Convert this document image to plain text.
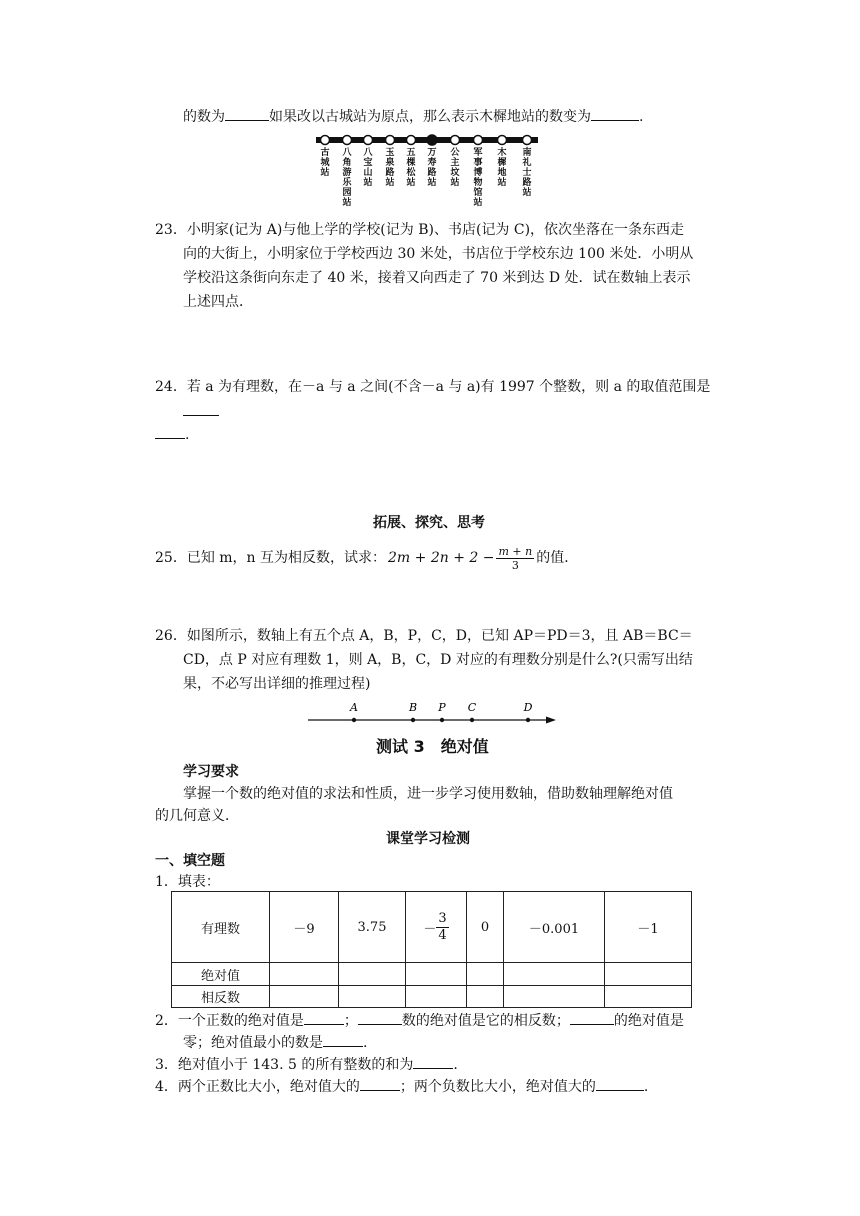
的数为	如果改以古城站为原点，那么表示木樨地站的数变为	.
古城站
八角游乐园站
八宝山站
玉泉路站
五棵松站
万寿路站
公主坟站
军事博物馆站
木樨地站
南礼士路站
23．小明家(记为 A)与他上学的学校(记为 B)、书店(记为 C)，依次坐落在一条东西走
向的大街上，小明家位于学校西边 30 米处，书店位于学校东边 100 米处．小明从
学校沿这条街向东走了 40 米，接着又向西走了 70 米到达 D 处．试在数轴上表示
上述四点．
24．若 a 为有理数，在－a 与 a 之间(不含－a 与 a)有 1997 个整数，则 a 的取值范围是
.
拓展、探究、思考
25．已知 m，n 互为相反数，试求： $2m + 2n + 2 - \frac{m + n}{3}$ 的值．
26．如图所示，数轴上有五个点 A，B，P，C，D，已知 AP＝PD＝3，且 AB＝BC＝
CD，点 P 对应有理数 1，则 A，B，C，D 对应的有理数分别是什么?(只需写出结
果，不必写出详细的推理过程)
A	B P C	D
测试 3　绝对值
学习要求
掌握一个数的绝对值的求法和性质，进一步学习使用数轴，借助数轴理解绝对值
的几何意义．
课堂学习检测
一、填空题
1．填表：
有理数	－9	3.75	－ $\frac{3}{4}$	0	－0.001	－1
绝对值						
相反数						
2．一个正数的绝对值是	；	数的绝对值是它的相反数；	的绝对值是
零；绝对值最小的数是	.
3．绝对值小于 143. 5 的所有整数的和为	.
4．两个正数比大小，绝对值大的	；两个负数比大小，绝对值大的	.
